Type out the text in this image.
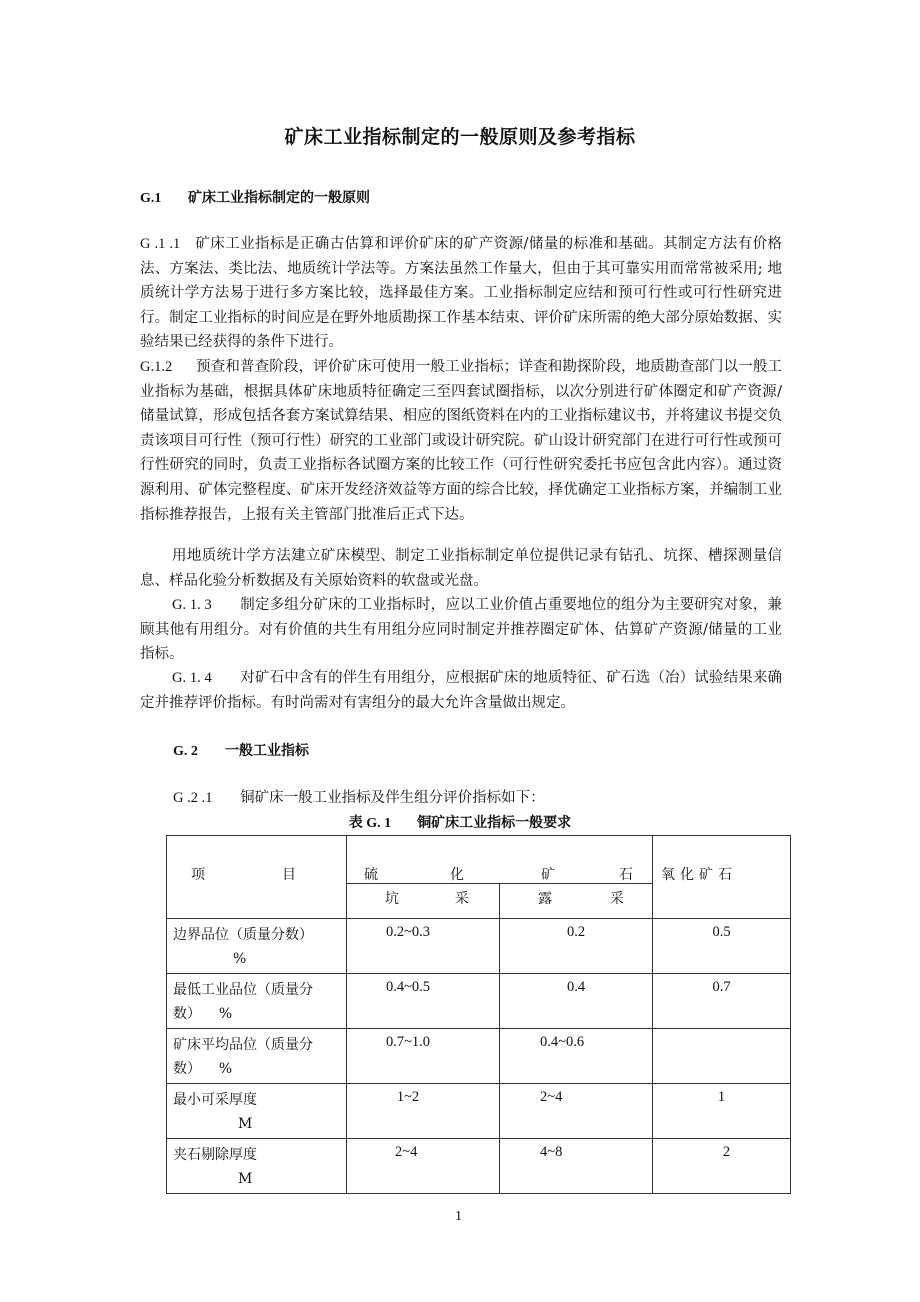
矿床工业指标制定的一般原则及参考指标
G.1 矿床工业指标制定的一般原则
G .1 .1 矿床工业指标是正确古估算和评价矿床的矿产资源/储量的标准和基础。其制定方法有价格法、方案法、类比法、地质统计学法等。方案法虽然工作量大，但由于其可靠实用而常常被采用; 地质统计学方法易于进行多方案比较，选择最佳方案。工业指标制定应结和预可行性或可行性研究进行。制定工业指标的时间应是在野外地质勘探工作基本结束、评价矿床所需的绝大部分原始数据、实验结果已经获得的条件下进行。
G.1.2 预查和普查阶段，评价矿床可使用一般工业指标；详查和勘探阶段，地质勘查部门以一般工业指标为基础，根据具体矿床地质特征确定三至四套试圈指标，以次分别进行矿体圈定和矿产资源/储量试算，形成包括各套方案试算结果、相应的图纸资料在内的工业指标建议书，并将建议书提交负责该项目可行性（预可行性）研究的工业部门或设计研究院。矿山设计研究部门在进行可行性或预可行性研究的同时，负责工业指标各试圈方案的比较工作（可行性研究委托书应包含此内容）。通过资源利用、矿体完整程度、矿床开发经济效益等方面的综合比较，择优确定工业指标方案，并编制工业指标推荐报告，上报有关主管部门批准后正式下达。
用地质统计学方法建立矿床模型、制定工业指标制定单位提供记录有钻孔、坑探、槽探测量信息、样品化验分析数据及有关原始资料的软盘或光盘。
G. 1. 3 制定多组分矿床的工业指标时，应以工业价值占重要地位的组分为主要研究对象，兼顾其他有用组分。对有价值的共生有用组分应同时制定并推荐圈定矿体、估算矿产资源/储量的工业指标。
G. 1. 4 对矿石中含有的伴生有用组分，应根据矿床的地质特征、矿石选（冶）试验结果来确定并推荐评价指标。有时尚需对有害组分的最大允许含量做出规定。
G. 2 一般工业指标
G .2 .1 铜矿床一般工业指标及伴生组分评价指标如下：
表 G. 1 铜矿床工业指标一般要求
项 目	硫 化 矿 石		氧化矿石

	坑 采	露 采	

边界品位（质量分数）
%	0.2~0.3	0.2	0.5

最低工业品位（质量分数） %	0.4~0.5	0.4	0.7

矿床平均品位（质量分数） %	0.7~1.0	0.4~0.6	

最小可采厚度
M	1~2	2~4	1

夹石剔除厚度
M	2~4	4~8	2
1
